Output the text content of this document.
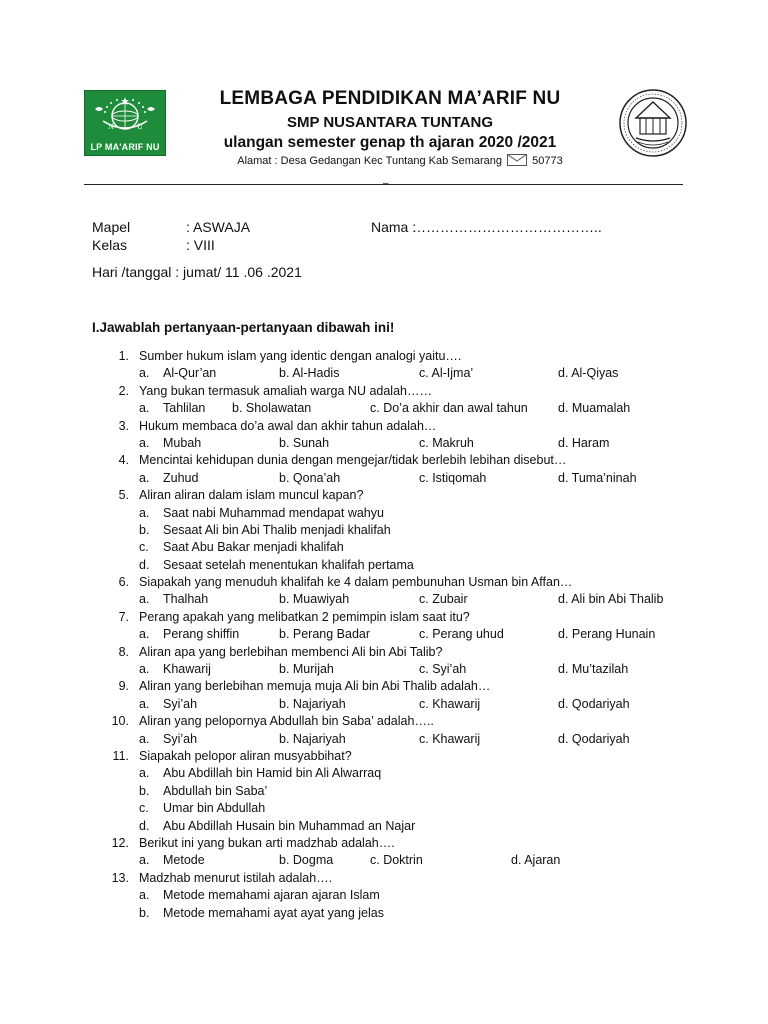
N	U
LP MA'ARIF NU
LEMBAGA PENDIDIKAN MA’ARIF NU
SMP NUSANTARA TUNTANG
ulangan semester genap th ajaran 2020 /2021
Alamat : Desa Gedangan Kec Tuntang Kab Semarang	50773
–
Mapel	: ASWAJA
Kelas	: VIII
Nama :
…………………………………..
Hari /tanggal : jumat/ 11 .06 .2021
I.Jawablah pertanyaan-pertanyaan dibawah ini!
1. Sumber hukum islam yang identic dengan analogi yaitu….
a. Al-Qur’an	b. Al-Hadis	c. Al-Ijma’	d. Al-Qiyas
2. Yang bukan termasuk amaliah warga NU adalah……
a. Tahlilan b. Sholawatan	c. Do’a akhir dan awal tahun d. Muamalah
3. Hukum membaca do’a awal dan akhir tahun adalah…
a. Mubah	b. Sunah	c. Makruh	d. Haram
4. Mencintai kehidupan dunia dengan mengejar/tidak berlebih lebihan disebut…
a. Zuhud	b. Qona’ah	c. Istiqomah	d. Tuma’ninah
5. Aliran aliran dalam islam muncul kapan?
a. Saat nabi Muhammad mendapat wahyu
b. Sesaat Ali bin Abi Thalib menjadi khalifah
c. Saat Abu Bakar menjadi khalifah
d. Sesaat setelah menentukan khalifah pertama
6. Siapakah yang menuduh khalifah ke 4 dalam pembunuhan Usman bin Affan…
a. Thalhah	b. Muawiyah	c. Zubair	d. Ali bin Abi Thalib
7. Perang apakah yang melibatkan 2 pemimpin islam saat itu?
a. Perang shiffin	b. Perang Badar	c. Perang uhud	d. Perang Hunain
8. Aliran apa yang berlebihan membenci Ali bin Abi Talib?
a. Khawarij	b. Murijah	c. Syi’ah	d. Mu’tazilah
9. Aliran yang berlebihan memuja muja Ali bin Abi Thalib adalah…
a. Syi’ah	b. Najariyah	c. Khawarij	d. Qodariyah
10. Aliran yang pelopornya Abdullah bin Saba’ adalah…..
a. Syi’ah	b. Najariyah	c. Khawarij	d. Qodariyah
11. Siapakah pelopor aliran musyabbihat?
a. Abu Abdillah bin Hamid bin Ali Alwarraq
b. Abdullah bin Saba’
c. Umar bin Abdullah
d. Abu Abdillah Husain bin Muhammad an Najar
12. Berikut ini yang bukan arti madzhab adalah….
a. Metode	b. Dogma	c. Doktrin	d. Ajaran
13. Madzhab menurut istilah adalah….
a. Metode memahami ajaran ajaran Islam
b. Metode memahami ayat ayat yang jelas
